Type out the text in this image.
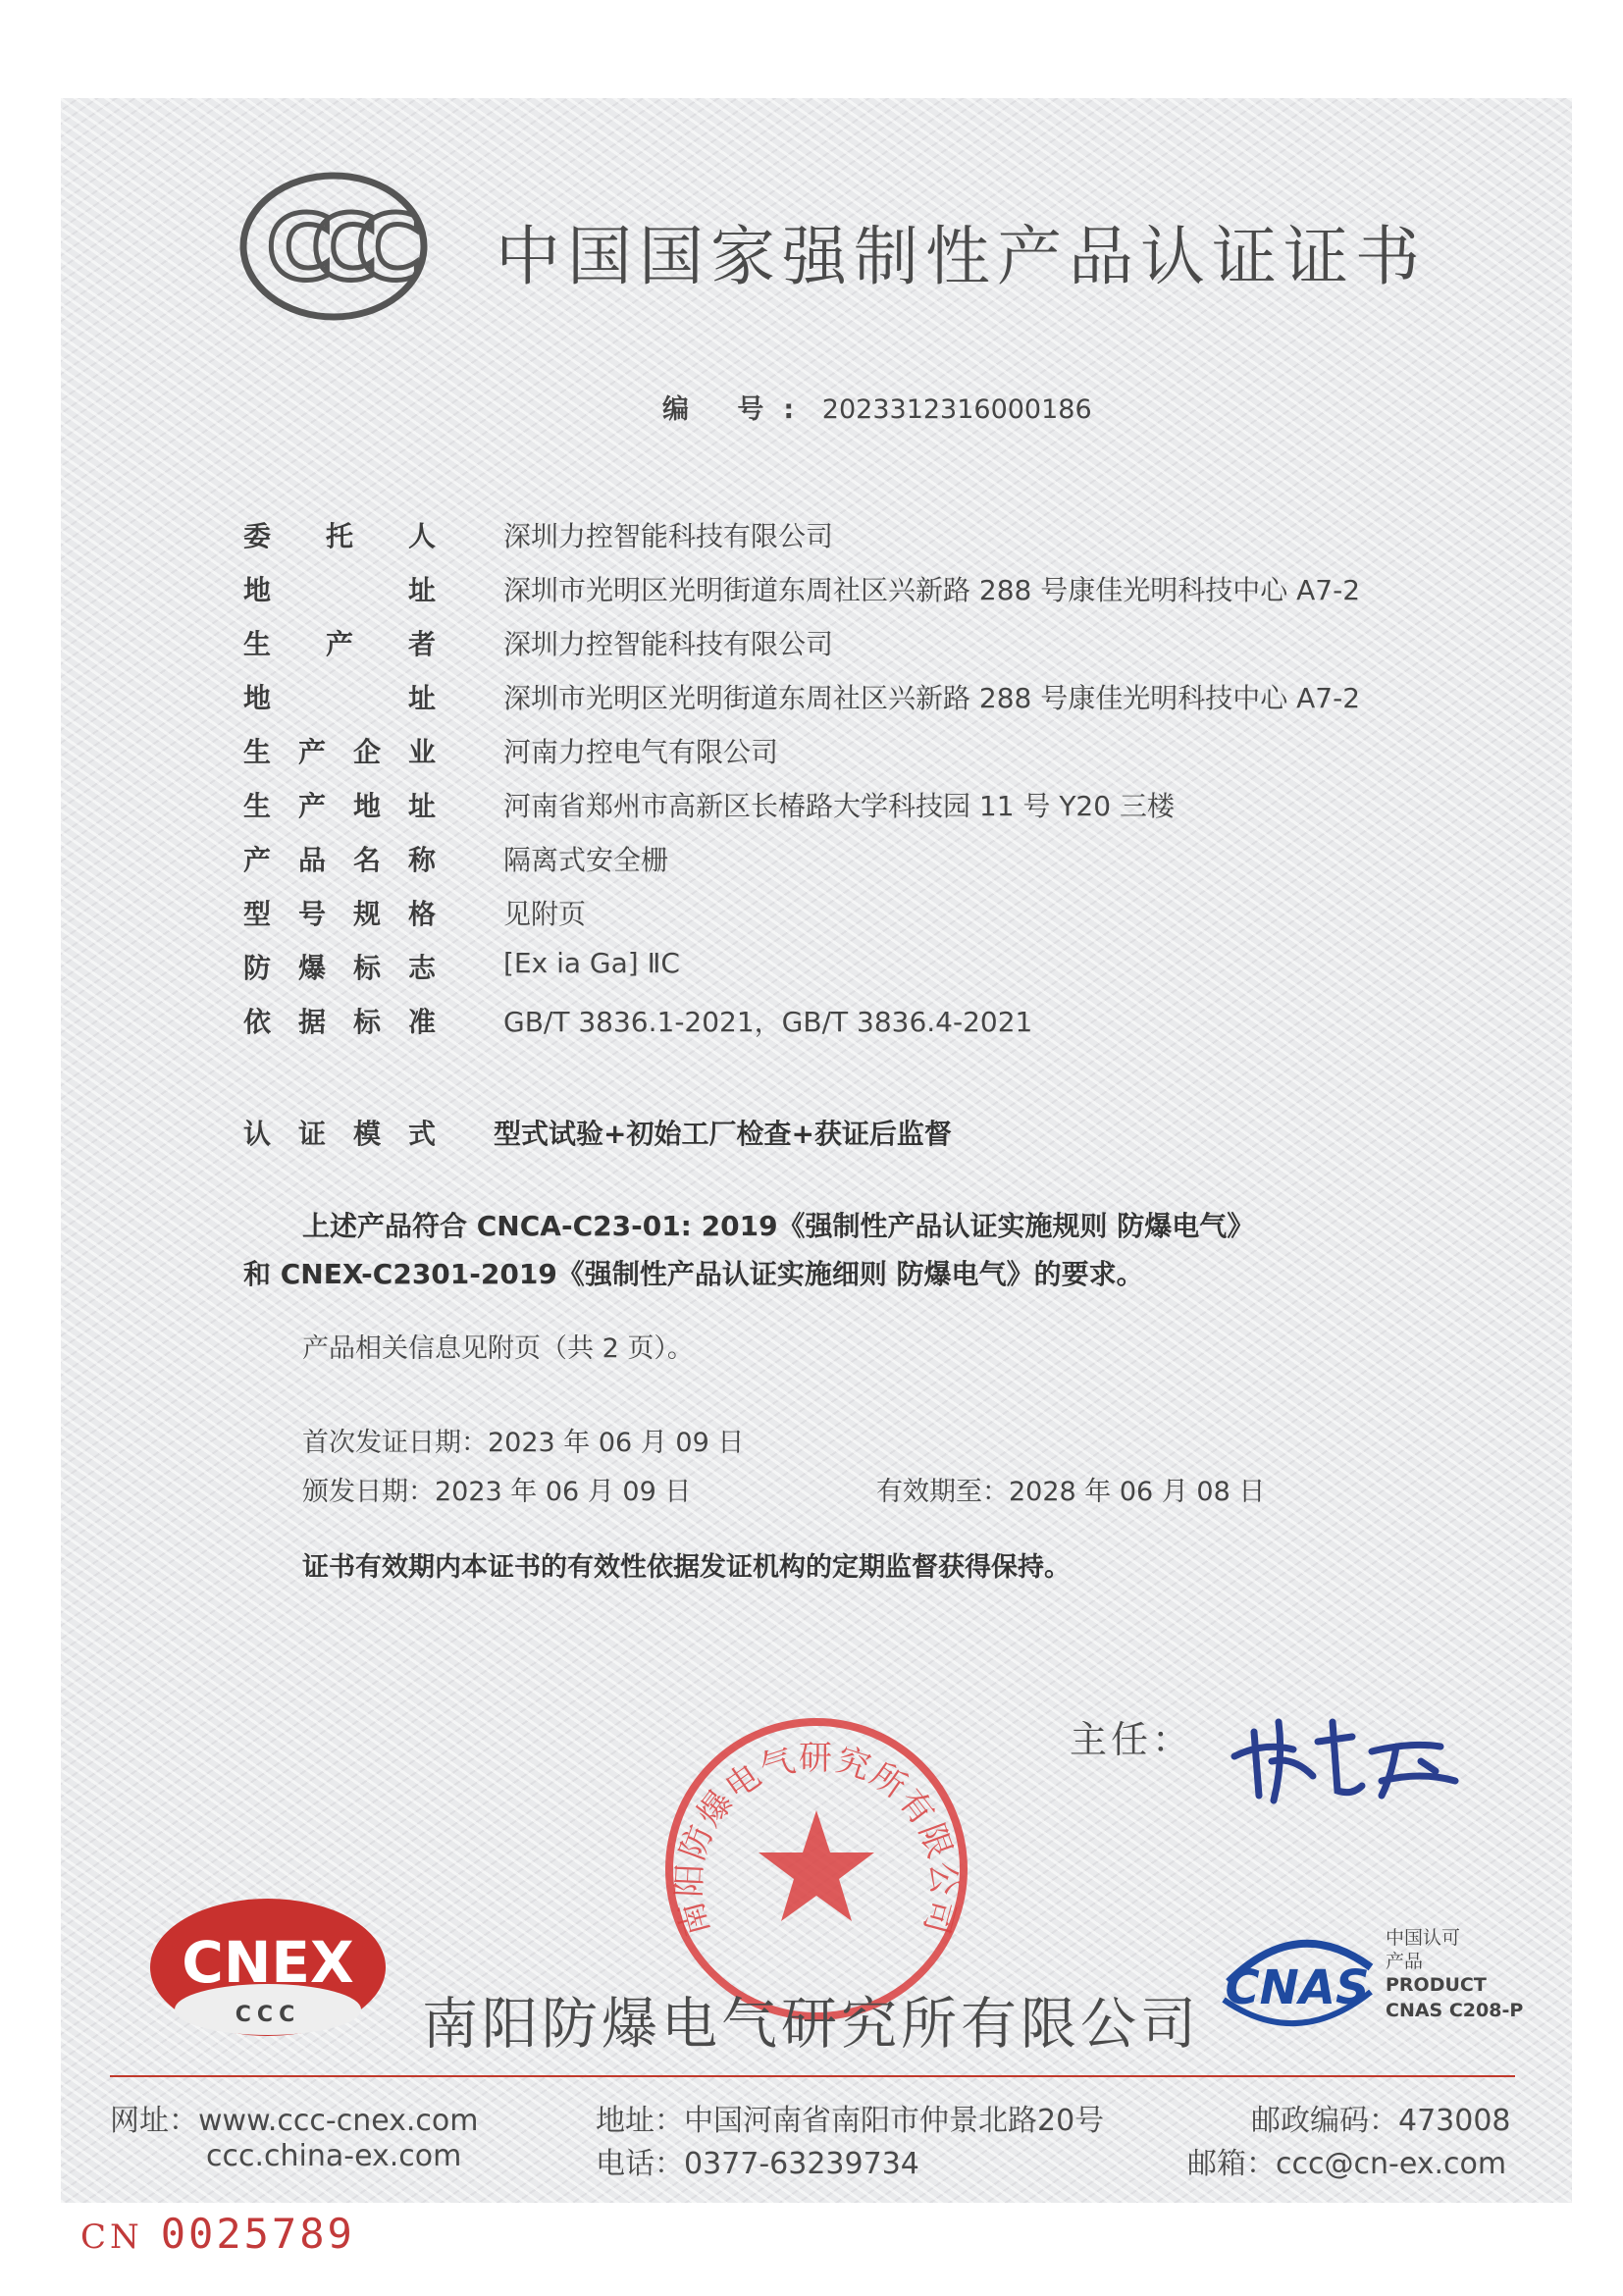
CCC 中国国家强制性产品认证证书
编 号: 2023312316000186
委托人 深圳力控智能科技有限公司
地址 深圳市光明区光明街道东周社区兴新路 288 号康佳光明科技中心 A7-2
生产者 深圳力控智能科技有限公司
地址 深圳市光明区光明街道东周社区兴新路 288 号康佳光明科技中心 A7-2
生产企业 河南力控电气有限公司
生产地址 河南省郑州市高新区长椿路大学科技园 11 号 Y20 三楼
产品名称 隔离式安全栅
型号规格 见附页
防爆标志 [Ex ia Ga] ⅡC
依据标准 GB/T 3836.1-2021，GB/T 3836.4-2021
认证模式 型式试验+初始工厂检查+获证后监督
上述产品符合 CNCA-C23-01: 2019《强制性产品认证实施规则 防爆电气》
和 CNEX-C2301-2019《强制性产品认证实施细则 防爆电气》的要求。
产品相关信息见附页（共 2 页）。
首次发证日期：2023 年 06 月 09 日
颁发日期：2023 年 06 月 09 日	有效期至：2028 年 06 月 08 日
证书有效期内本证书的有效性依据发证机构的定期监督获得保持。
主任：
南阳防爆电气研究所有限公司
CNEX
CCC	CNAS
中国认可
产品
PRODUCT
CNAS C208-P
南阳防爆电气研究所有限公司
网址：www.ccc-cnex.com
ccc.china-ex.com
地址：中国河南省南阳市仲景北路20号
电话：0377-63239734
邮政编码：473008
邮箱：ccc@cn-ex.com
CN 0025789
